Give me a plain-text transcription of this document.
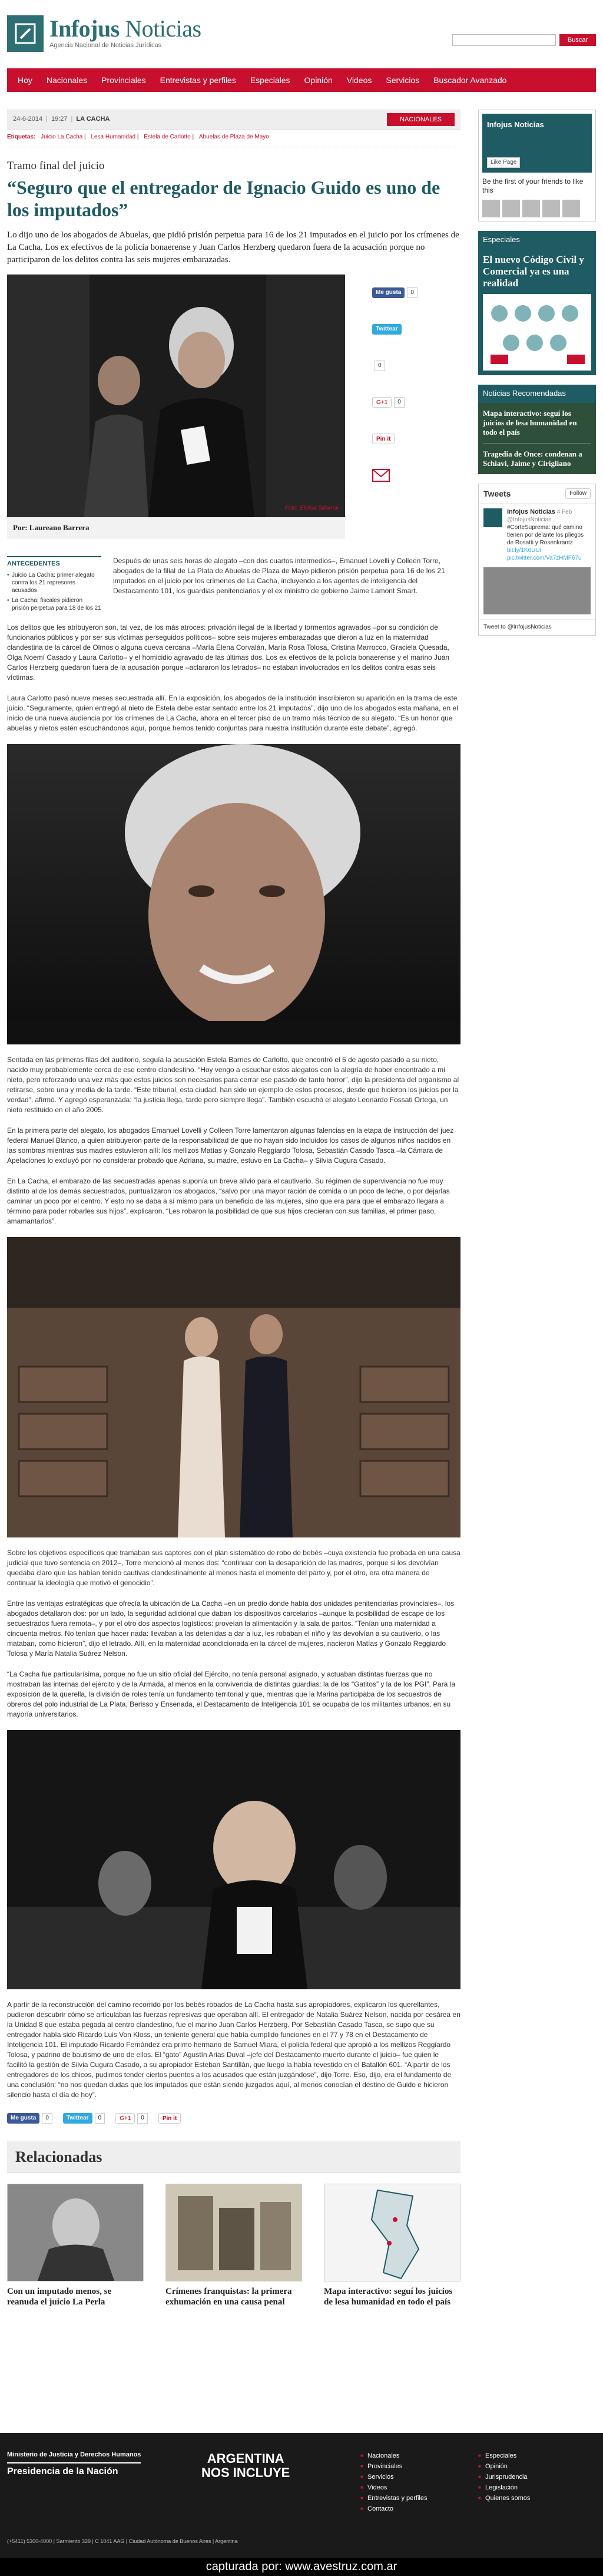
Infojus Noticias
Agencia Nacional de Noticias Jurídicas
Buscar
Hoy	Nacionales	Provinciales	Entrevistas y perfiles	Especiales	Opinión	Videos	Servicios	Buscador Avanzado
24-6-2014 | 19:27 | LA CACHA	NACIONALES
Etiquetas: Juicio La Cacha | Lesa Humanidad | Estela de Carlotto | Abuelas de Plaza de Mayo
Tramo final del juicio
“Seguro que el entregador de Ignacio Guido es uno de los imputados”

Lo dijo uno de los abogados de Abuelas, que pidió prisión perpetua para 16 de los 21 imputados en el juicio por los crímenes de La Cacha. Los ex efectivos de la policía bonaerense y Juan Carlos Herzberg quedaron fuera de la acusación porque no participaron de los delitos contra las seis mujeres embarazadas.

Foto: Eloísa Sillamar
Por: Laureano Barrera
Me gusta	0
Twittear
0
G+1	0
Pin it
ANTECEDENTES
• Juicio La Cacha: primer alegato contra los 21 represores acusados
• La Cacha: fiscales pidieron prisión perpetua para 18 de los 21
Después de unas seis horas de alegato –con dos cuartos intermedios–, Emanuel Lovelli y Colleen Torre, abogados de la filial de La Plata de Abuelas de Plaza de Mayo pidieron prisión perpetua para 16 de los 21 imputados en el juicio por los crímenes de La Cacha, incluyendo a los agentes de inteligencia del Destacamento 101, los guardias penitenciarios y el ex ministro de gobierno Jaime Lamont Smart.

Los delitos que les atribuyeron son, tal vez, de los más atroces: privación ilegal de la libertad y tormentos agravados –por su condición de funcionarios públicos y por ser sus víctimas perseguidos políticos– sobre seis mujeres embarazadas que dieron a luz en la maternidad clandestina de la cárcel de Olmos o alguna cueva cercana –María Elena Corvalán, María Rosa Tolosa, Cristina Marrocco, Graciela Quesada, Olga Noemí Casado y Laura Carlotto– y el homicidio agravado de las últimas dos. Los ex efectivos de la policía bonaerense y el marino Juan Carlos Herzberg quedaron fuera de la acusación porque –aclararon los letrados– no estaban involucrados en los delitos contra esas seis víctimas.

Laura Carlotto pasó nueve meses secuestrada allí. En la exposición, los abogados de la institución inscribieron su aparición en la trama de este juicio. “Seguramente, quien entregó al nieto de Estela debe estar sentado entre los 21 imputados”, dijo uno de los abogados esta mañana, en el inicio de una nueva audiencia por los crímenes de La Cacha, ahora en el tercer piso de un tramo más técnico de su alegato. “Es un honor que abuelas y nietos estén escuchándonos aquí, porque hemos tenido conjuntas para nuestra institución durante este debate”, agregó.

Sentada en las primeras filas del auditorio, seguía la acusación Estela Barnes de Carlotto, que encontró el 5 de agosto pasado a su nieto, nacido muy probablemente cerca de ese centro clandestino. “Hoy vengo a escuchar estos alegatos con la alegría de haber encontrado a mi nieto, pero reforzando una vez más que estos juicios son necesarios para cerrar ese pasado de tanto horror”, dijo la presidenta del organismo al retirarse, sobre una y media de la tarde. “Este tribunal, esta ciudad, han sido un ejemplo de estos procesos, desde que hicieron los juicios por la verdad”, afirmó. Y agregó esperanzada: “la justicia llega, tarde pero siempre llega”. También escuchó el alegato Leonardo Fossati Ortega, un nieto restituido en el año 2005.

En la primera parte del alegato, los abogados Emanuel Lovelli y Colleen Torre lamentaron algunas falencias en la etapa de instrucción del juez federal Manuel Blanco, a quien atribuyeron parte de la responsabilidad de que no hayan sido incluidos los casos de algunos niños nacidos en las sombras mientras sus madres estuvieron allí: los mellizos Matías y Gonzalo Reggiardo Tolosa, Sebastián Casado Tasca –la Cámara de Apelaciones lo excluyó por no considerar probado que Adriana, su madre, estuvo en La Cacha– y Silvia Cugura Casado.

En La Cacha, el embarazo de las secuestradas apenas suponía un breve alivio para el cautiverio. Su régimen de supervivencia no fue muy distinto al de los demás secuestrados, puntualizaron los abogados, “salvo por una mayor ración de comida o un poco de leche, o por dejarlas caminar un poco por el centro. Y esto no se daba a sí mismo para un beneficio de las mujeres, sino que era para que el embarazo llegara a término para poder robarles sus hijos”, explicaron. “Les robaron la posibilidad de que sus hijos crecieran con sus familias, el primer paso, amamantarlos”.

Sobre los objetivos específicos que tramaban sus captores con el plan sistemático de robo de bebés –cuya existencia fue probada en una causa judicial que tuvo sentencia en 2012–, Torre mencionó al menos dos: “continuar con la desaparición de las madres, porque si los devolvían quedaba claro que las habían tenido cautivas clandestinamente al menos hasta el momento del parto y, por el otro, era otra manera de continuar la ideología que motivó el genocidio”.

Entre las ventajas estratégicas que ofrecía la ubicación de La Cacha –en un predio donde había dos unidades penitenciarias provinciales–, los abogados detallaron dos: por un lado, la seguridad adicional que daban los dispositivos carcelarios –aunque la posibilidad de escape de los secuestrados fuera remota–, y por el otro dos aspectos logísticos: proveían la alimentación y la sala de partos. “Tenían una maternidad a cincuenta metros. No tenían que hacer nada: llevaban a las detenidas a dar a luz, les robaban el niño y las devolvían a su cautiverio, o las mataban, como hicieron”, dijo el letrado. Allí, en la maternidad acondicionada en la cárcel de mujeres, nacieron Matías y Gonzalo Reggiardo Tolosa y María Natalia Suárez Nelson.

“La Cacha fue particularísima, porque no fue un sitio oficial del Ejército, no tenía personal asignado, y actuaban distintas fuerzas que no mostraban las internas del ejército y de la Armada, al menos en la convivencia de distintas guardias: la de los “Gatitos” y la de los PGI”. Para la exposición de la querella, la división de roles tenía un fundamento territorial y que, mientras que la Marina participaba de los secuestros de obreros del polo industrial de La Plata, Berisso y Ensenada, el Destacamento de Inteligencia 101 se ocupaba de los militantes urbanos, en su mayoría universitarios.

A partir de la reconstrucción del camino recorrido por los bebés robados de La Cacha hasta sus apropiadores, explicaron los querellantes, pudieron descubrir cómo se articulaban las fuerzas represivas que operaban allí. El entregador de Natalia Suárez Nelson, nacida por cesárea en la Unidad 8 que estaba pegada al centro clandestino, fue el marino Juan Carlos Herzberg. Por Sebastián Casado Tasca, se supo que su entregador había sido Ricardo Luis Von Kloss, un teniente general que había cumplido funciones en el 77 y 78 en el Destacamento de Inteligencia 101. El imputado Ricardo Fernández era primo hermano de Samuel Miara, el policía federal que apropió a los mellizos Reggiardo Tolosa, y padrino de bautismo de uno de ellos. El “gato” Agustín Arias Duval –jefe del Destacamento muerto durante el juicio– fue quien le facilitó la gestión de Silvia Cugura Casado, a su apropiador Esteban Santillán, que luego la había revestido en el Batallón 601. “A partir de los entregadores de los chicos, pudimos tender ciertos puentes a los acusados que están juzgándose”, dijo Torre. Eso, dijo, era el fundamento de una conclusión: “no nos quedan dudas que los imputados que están siendo juzgados aquí, al menos conocían el destino de Guido e hicieron silencio hasta el día de hoy”.

Me gusta	0	Twittear	0	G+1	0	Pin it
Relacionadas
Con un imputado menos, se reanuda el juicio La Perla
Crímenes franquistas: la primera exhumación en una causa penal
Mapa interactivo: seguí los juicios de lesa humanidad en todo el país
Infojus Noticias
Like Page
Be the first of your friends to like this
Especiales
El nuevo Código Civil y Comercial ya es una realidad
Noticias Recomendadas
Mapa interactivo: seguí los juicios de lesa humanidad en todo el país
Tragedia de Once: condenan a Schiavi, Jaime y Cirigliano
Tweets	Follow
Infojus Noticias 4 Feb
@InfojusNoticias
#CorteSupremа: qué camino tienen por delante los pliegos de Rosatti y Rosenkrantz
bit.ly/1K6UUi pic.twitter.com/Va7zHMF67u
Tweet to @InfojusNoticias
Ministerio de Justicia y Derechos Humanos
Presidencia de la Nación
ARGENTINA
NOS INCLUYE
■ Nacionales
■ Provinciales
■ Servicios
■ Videos
■ Entrevistas y perfiles
■ Contacto
■ Especiales
■ Opinión
■ Jurisprudencia
■ Legislación
■ Quienes somos
(+5411) 5300-4000 | Sarmiento 329 | C 1041 AAG | Ciudad Autónoma de Buenos Aires | Argentina
capturada por: www.avestruz.com.ar
